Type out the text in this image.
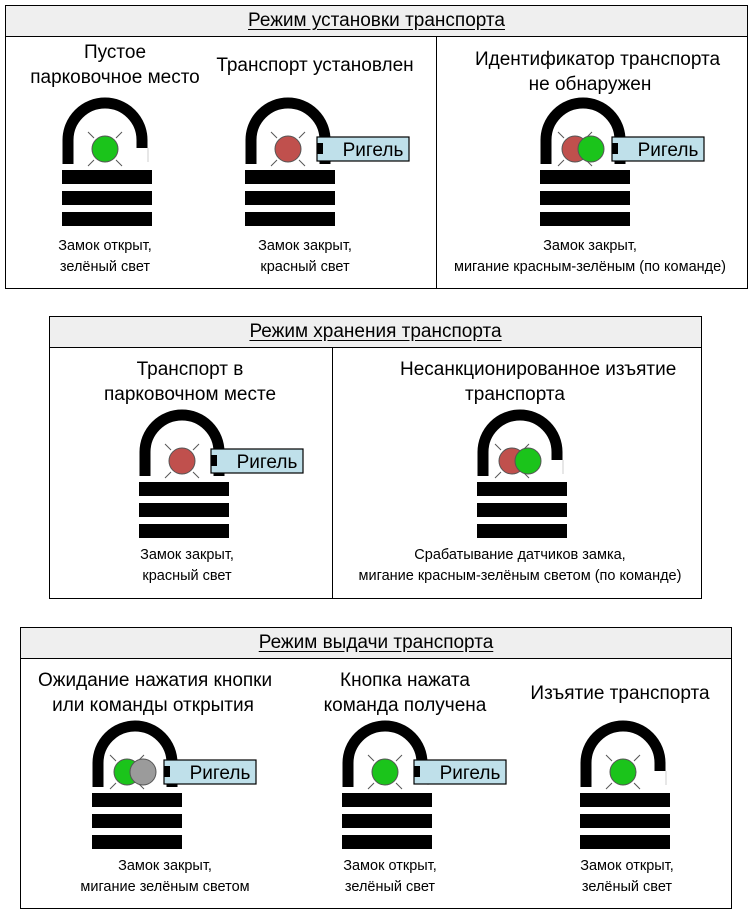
Режим установки транспорта
Режим хранения транспорта
Режим выдачи транспорта
Пустое
парковочное место
Транспорт установлен	Идентификатор транспорта
не обнаружен
Замок открыт,
зелёный свет
Замок закрыт,
красный свет
Замок закрыт,
мигание красным-зелёным (по команде)
Транспорт в
парковочном месте
Несанкционированное изъятие
транспорта
Замок закрыт,
красный свет
Срабатывание датчиков замка,
мигание красным-зелёным светом (по команде)
Ожидание нажатия кнопки
или команды открытия
Кнопка нажата
команда получена
Изъятие транспорта
Замок закрыт,
мигание зелёным светом
Замок открыт,
зелёный свет
Замок открыт,
зелёный свет
Ригель	Ригель
Ригель
Ригель	Ригель
